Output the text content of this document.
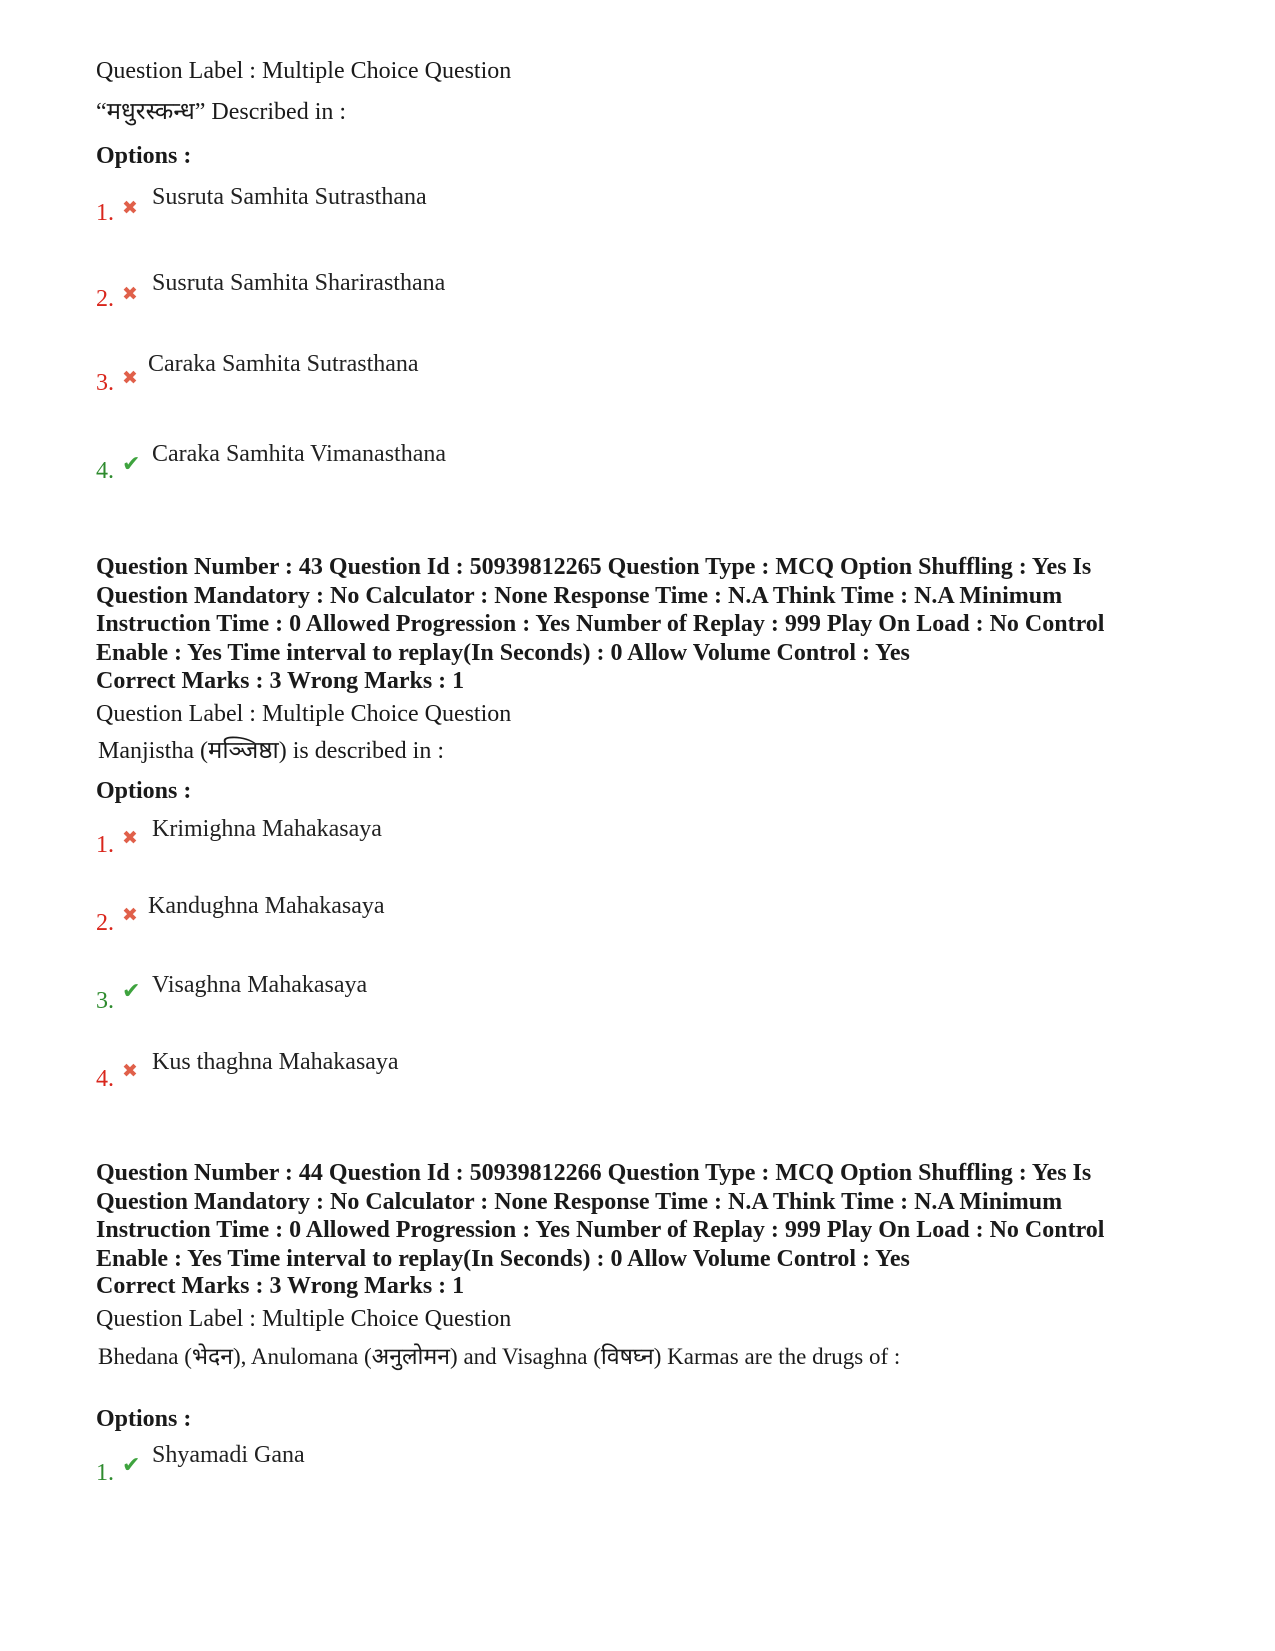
Question Label : Multiple Choice Question
“मधुरस्कन्ध” Described in :
Options :
1. ✖ Susruta Samhita Sutrasthana
2. ✖ Susruta Samhita Sharirasthana
3. ✖
Caraka Samhita Sutrasthana
4. ✔ Caraka Samhita Vimanasthana
Question Number : 43 Question Id : 50939812265 Question Type : MCQ Option Shuffling : Yes Is Question Mandatory : No Calculator : None Response Time : N.A Think Time : N.A Minimum Instruction Time : 0 Allowed Progression : Yes Number of Replay : 999 Play On Load : No Control Enable : Yes Time interval to replay(In Seconds) : 0 Allow Volume Control : Yes
Correct Marks : 3 Wrong Marks : 1
Question Label : Multiple Choice Question
Manjistha (मञ्जिष्ठा) is described in :
Options :
1. ✖ Krimighna Mahakasaya
2. ✖ Kandughna Mahakasaya
3. ✔ Visaghna Mahakasaya
4. ✖ Kus thaghna Mahakasaya
Question Number : 44 Question Id : 50939812266 Question Type : MCQ Option Shuffling : Yes Is Question Mandatory : No Calculator : None Response Time : N.A Think Time : N.A Minimum Instruction Time : 0 Allowed Progression : Yes Number of Replay : 999 Play On Load : No Control Enable : Yes Time interval to replay(In Seconds) : 0 Allow Volume Control : Yes
Correct Marks : 3 Wrong Marks : 1
Question Label : Multiple Choice Question
Bhedana (भेदन), Anulomana (अनुलोमन) and Visaghna (विषघ्न) Karmas are the drugs of :
Options :
1. ✔ Shyamadi Gana
